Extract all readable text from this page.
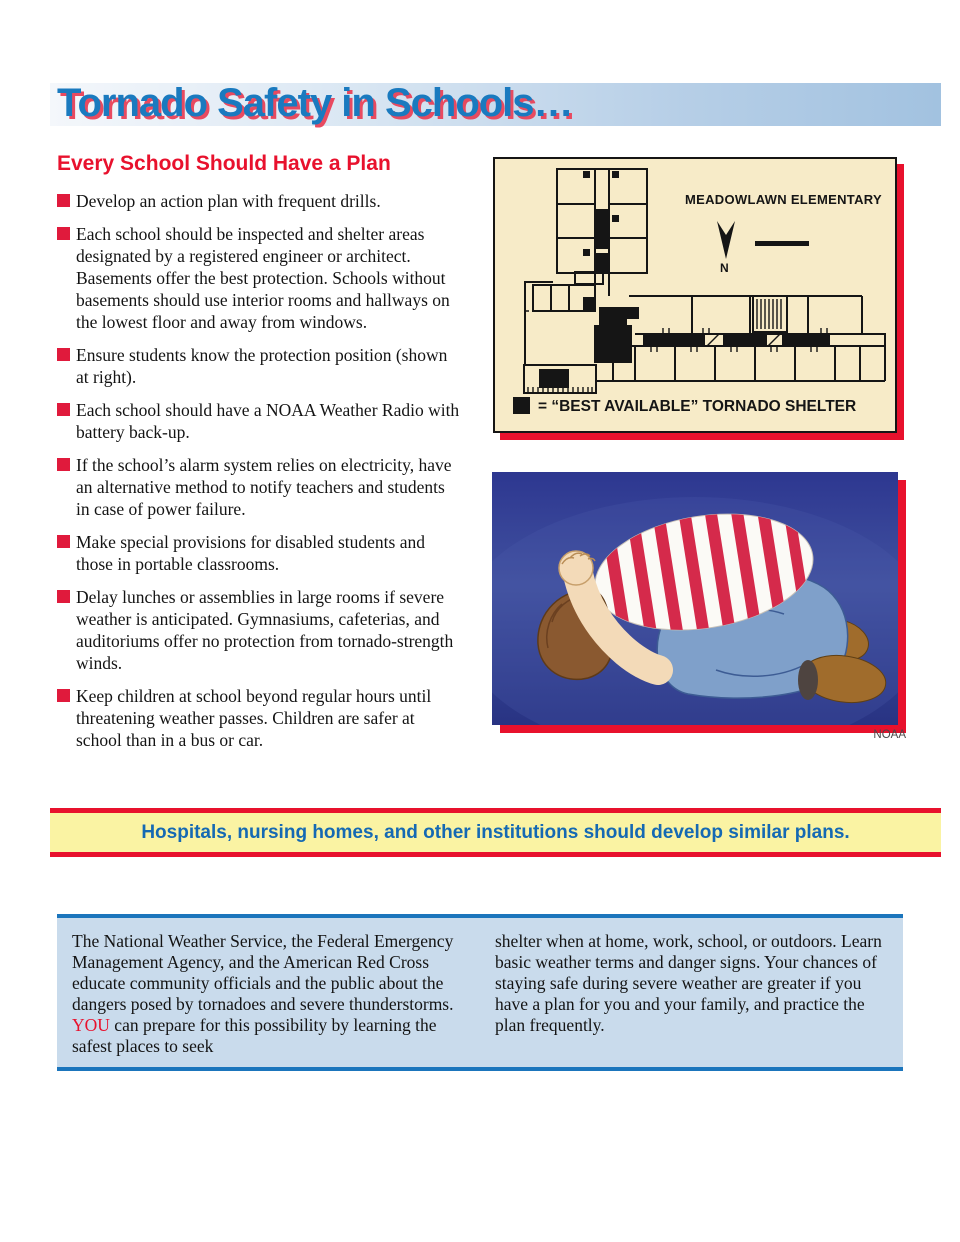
Tornado Safety in Schools…
Every School Should Have a Plan
Develop an action plan with frequent drills.
Each school should be inspected and shelter areas designated by a registered engineer or architect. Basements offer the best protection. Schools without basements should use interior rooms and hallways on the lowest floor and away from windows.
Ensure students know the protection position (shown at right).
Each school should have a NOAA Weather Radio with battery back-up.
If the school’s alarm system relies on electricity, have an alternative method to notify teachers and students in case of power failure.
Make special provisions for disabled students and those in portable classrooms.
Delay lunches or assemblies in large rooms if severe weather is anticipated. Gymnasiums, cafeterias, and auditoriums offer no protection from tornado-strength winds.
Keep children at school beyond regular hours until threatening weather passes. Children are safer at school than in a bus or car.
MEADOWLAWN ELEMENTARY
N
= “BEST AVAILABLE” TORNADO SHELTER
NOAA
Hospitals, nursing homes, and other institutions should develop similar plans.
The National Weather Service, the Federal Emergency Management Agency, and the American Red Cross educate community officials and the public about the dangers posed by tornadoes and severe thunderstorms. YOU can prepare for this possibility by learning the safest places to seek
shelter when at home, work, school, or outdoors. Learn basic weather terms and danger signs. Your chances of staying safe during severe weather are greater if you have a plan for you and your family, and practice the plan frequently.
